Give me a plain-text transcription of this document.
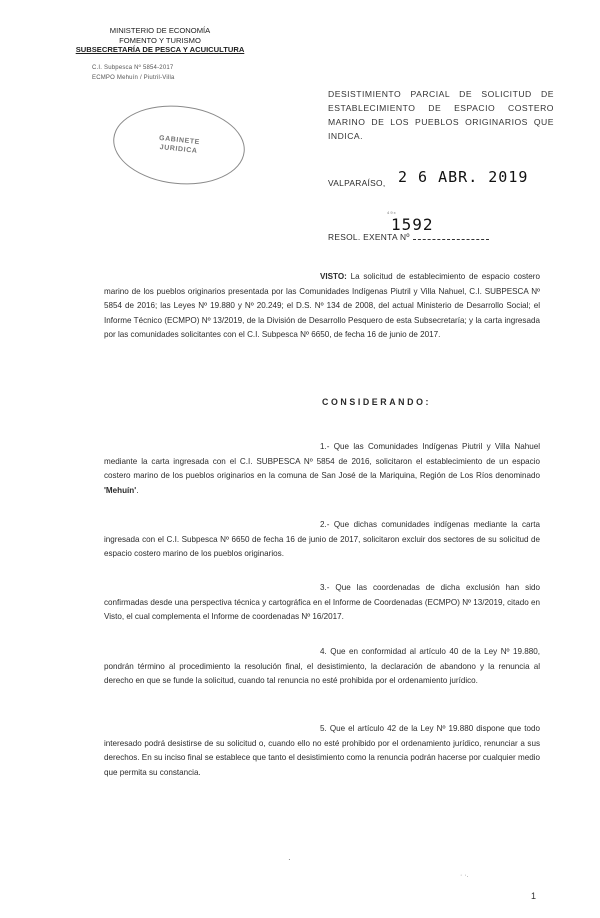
MINISTERIO DE ECONOMÍA
FOMENTO Y TURISMO
SUBSECRETARÍA DE PESCA Y ACUICULTURA
C.I. Subpesca Nº 5854-2017
ECMPO Mehuín / Piutril-Villa
GABINETE
JURIDICA
DESISTIMIENTO PARCIAL DE SOLICITUD DE ESTABLECIMIENTO DE ESPACIO COSTERO MARINO DE LOS PUEBLOS ORIGINARIOS QUE INDICA.
VALPARAÍSO, 2 6 ABR. 2019
4 9 x
1592
RESOL. EXENTA Nº
VISTO: La solicitud de establecimiento de espacio costero marino de los pueblos originarios presentada por las Comunidades Indígenas Piutril y Villa Nahuel, C.I. SUBPESCA Nº 5854 de 2016; las Leyes Nº 19.880 y Nº 20.249; el D.S. Nº 134 de 2008, del actual Ministerio de Desarrollo Social; el Informe Técnico (ECMPO) Nº 13/2019, de la División de Desarrollo Pesquero de esta Subsecretaría; y la carta ingresada por las comunidades solicitantes con el C.I. Subpesca Nº 6650, de fecha 16 de junio de 2017.
CONSIDERANDO:
1.- Que las Comunidades Indígenas Piutril y Villa Nahuel mediante la carta ingresada con el C.I. SUBPESCA Nº 5854 de 2016, solicitaron el establecimiento de un espacio costero marino de los pueblos originarios en la comuna de San José de la Mariquina, Región de Los Ríos denominado 'Mehuín'.
2.- Que dichas comunidades indígenas mediante la carta ingresada con el C.I. Subpesca Nº 6650 de fecha 16 de junio de 2017, solicitaron excluir dos sectores de su solicitud de espacio costero marino de los pueblos originarios.
3.- Que las coordenadas de dicha exclusión han sido confirmadas desde una perspectiva técnica y cartográfica en el Informe de Coordenadas (ECMPO) Nº 13/2019, citado en Visto, el cual complementa el Informe de coordenadas Nº 16/2017.
4. Que en conformidad al artículo 40 de la Ley Nº 19.880, pondrán término al procedimiento la resolución final, el desistimiento, la declaración de abandono y la renuncia al derecho en que se funde la solicitud, cuando tal renuncia no esté prohibida por el ordenamiento jurídico.
5. Que el artículo 42 de la Ley Nº 19.880 dispone que todo interesado podrá desistirse de su solicitud o, cuando ello no esté prohibido por el ordenamiento jurídico, renunciar a sus derechos. En su inciso final se establece que tanto el desistimiento como la renuncia podrán hacerse por cualquier medio que permita su constancia.
·
· ·.
1
